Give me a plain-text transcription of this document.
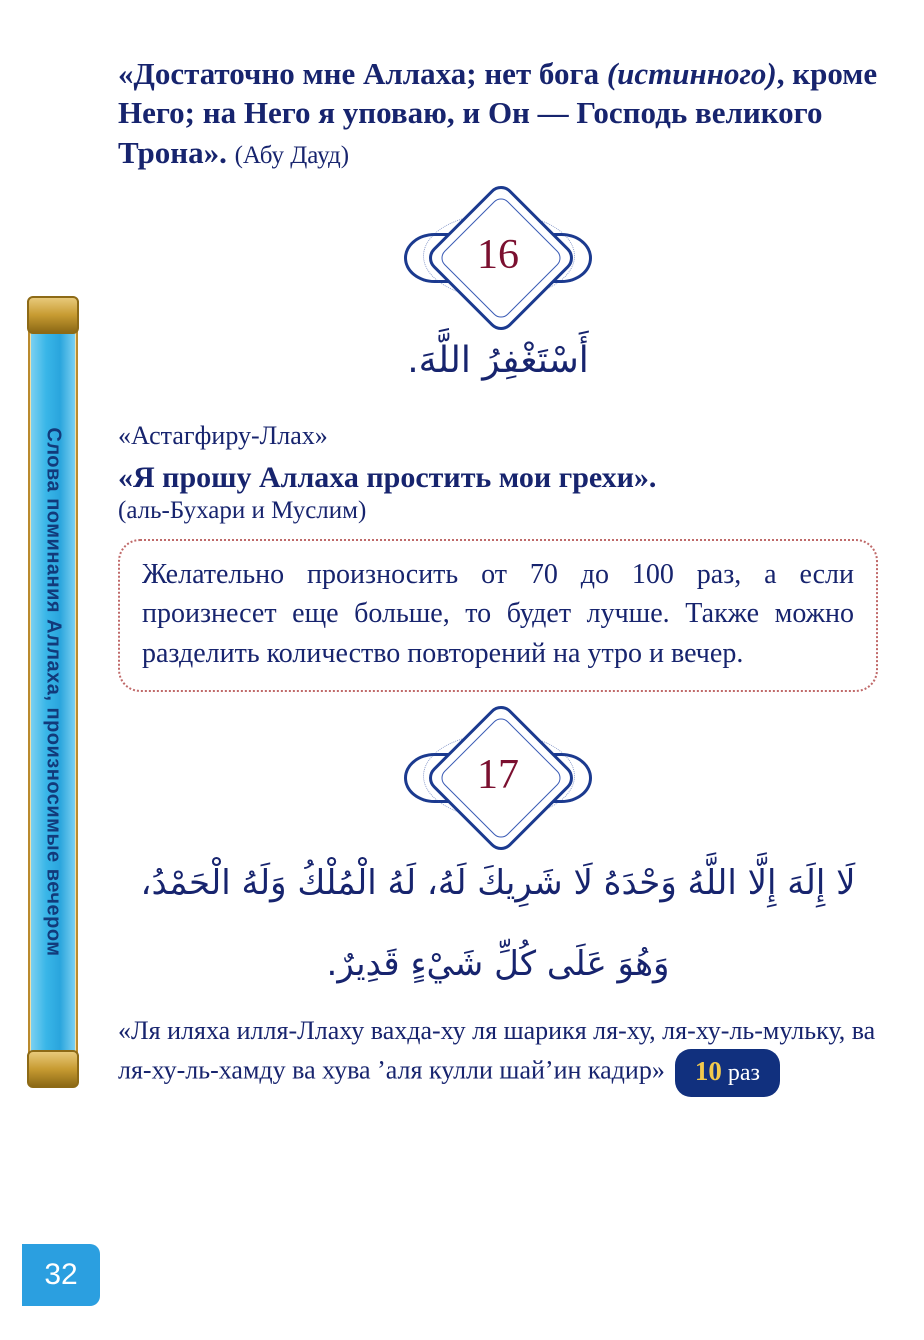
Слова поминания Аллаха, произносимые вечером
32

«Достаточно мне Аллаха; нет бога (истинного), кроме Него; на Него я уповаю, и Он — Господь великого Трона». (Абу Дауд)

16
أَسْتَغْفِرُ اللَّهَ.

«Астагфиру-Ллах»

«Я прошу Аллаха простить мои грехи».

(аль-Бухари и Муслим)

Желательно произносить от 70 до 100 раз, а если произнесет еще больше, то будет лучше. Также можно разделить количество повторений на утро и вечер.
17
لَا إِلَهَ إِلَّا اللَّهُ وَحْدَهُ لَا شَرِيكَ لَهُ، لَهُ الْمُلْكُ وَلَهُ الْحَمْدُ،
وَهُوَ عَلَى كُلِّ شَيْءٍ قَدِيرٌ.
«Ля иляха илля-Ллаху вахда-ху ля шарикя ля-ху, ля-ху-ль-мульку, ва ля-ху-ль-хамду ва хува ’аля кулли шай’ин кадир» 10 раз
